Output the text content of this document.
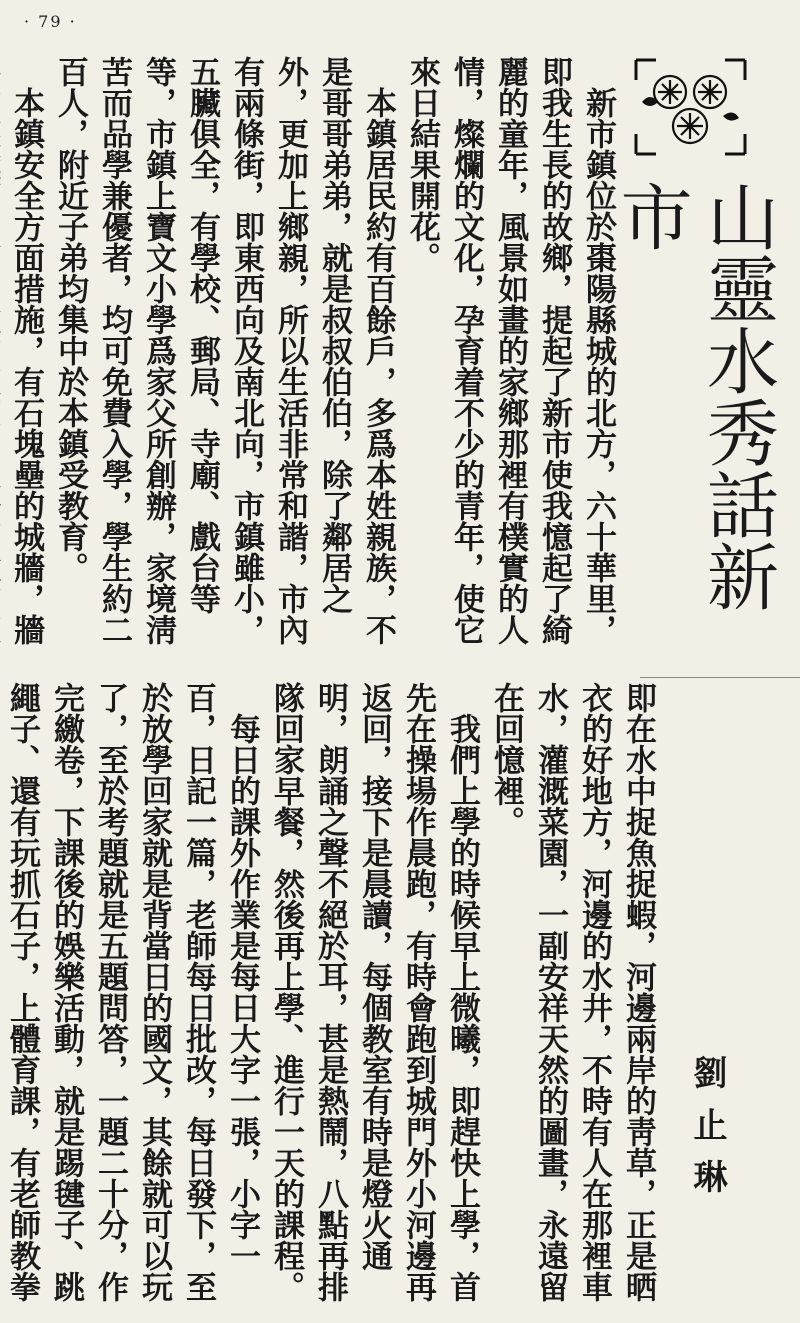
· 79 ·
山靈水秀話新市
劉止琳

新市鎮位於棗陽縣城的北方，六十華里，即我生長的故鄉，提起了新市使我憶起了綺麗的童年，風景如畫的家鄉那裡有樸實的人情，燦爛的文化，孕育着不少的青年，使它來日結果開花。

本鎮居民約有百餘戶，多爲本姓親族，不是哥哥弟弟，就是叔叔伯伯，除了鄰居之外，更加上鄉親，所以生活非常和諧，市內有兩條街，即東西向及南北向，市鎮雖小，五臟俱全，有學校、郵局、寺廟、戲台等等，市鎮上寶文小學爲家父所創辦，家境淸苦而品學兼優者，均可免費入學，學生約二百人，附近子弟均集中於本鎮受教育。

本鎮安全方面措施，有石塊壘的城牆，牆

即在水中捉魚捉蝦，河邊兩岸的靑草，正是晒衣的好地方，河邊的水井，不時有人在那裡車水，灌溉菜園，一副安祥天然的圖畫，永遠留在回憶裡。

我們上學的時候早上微曦，即趕快上學，首先在操場作晨跑，有時會跑到城門外小河邊再返回，接下是晨讀，每個教室有時是燈火通明，朗誦之聲不絕於耳，甚是熱鬧，八點再排隊回家早餐，然後再上學、進行一天的課程。

每日的課外作業是每日大字一張，小字一百，日記一篇，老師每日批改，每日發下，至於放學回家就是背當日的國文，其餘就可以玩了，至於考題就是五題問答，一題二十分，作完繳卷，下課後的娛樂活動，就是踢毽子、跳繩子、還有玩抓石子，上體育課，有老師教拳
